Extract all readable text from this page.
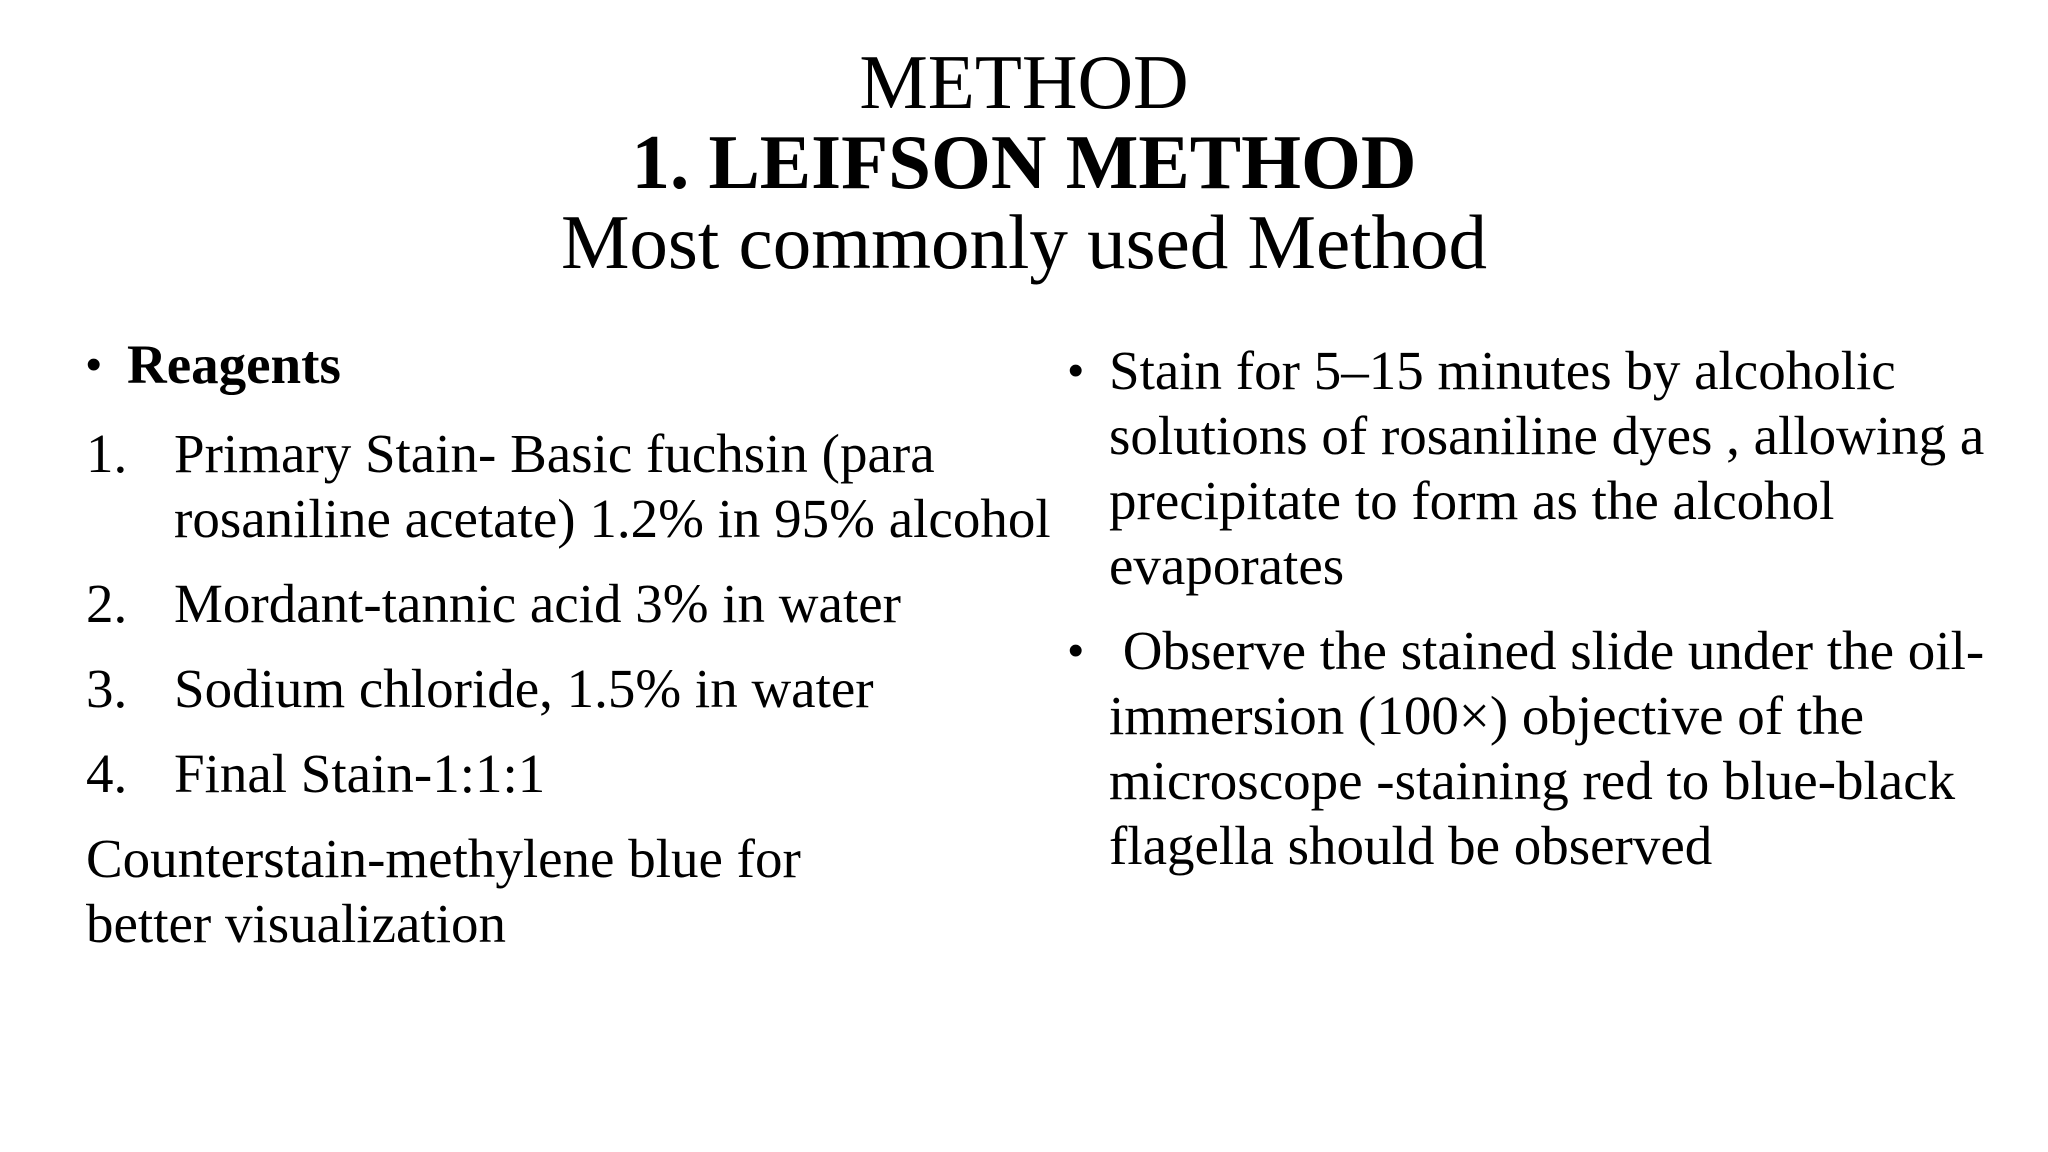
METHOD
1. LEIFSON METHOD
Most commonly used Method
• Reagents
1. Primary Stain- Basic fuchsin (para rosaniline acetate) 1.2% in 95% alcohol
2. Mordant-tannic acid 3% in water
3. Sodium chloride, 1.5% in water
4. Final Stain-1:1:1
Counterstain-methylene blue for better visualization
• Stain for 5–15 minutes by alcoholic solutions of rosaniline dyes , allowing a precipitate to form as the alcohol evaporates
• Observe the stained slide under the oil-immersion (100×) objective of the microscope -staining red to blue-black flagella should be observed
